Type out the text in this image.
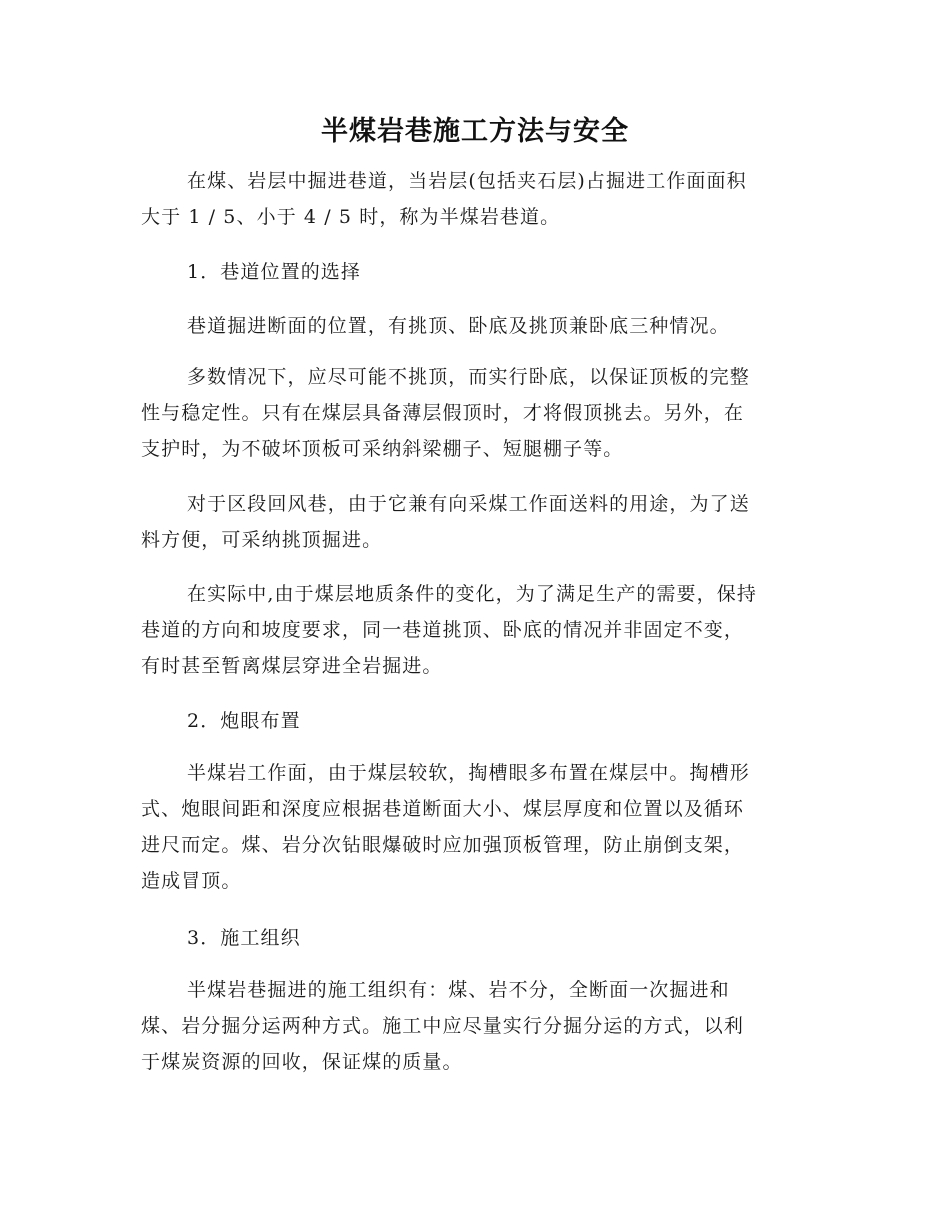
半煤岩巷施工方法与安全

在煤、岩层中掘进巷道，当岩层(包括夹石层)占掘进工作面面积
大于 1 / 5、小于 4 / 5 时，称为半煤岩巷道。

1．巷道位置的选择

巷道掘进断面的位置，有挑顶、卧底及挑顶兼卧底三种情况。

多数情况下，应尽可能不挑顶，而实行卧底，以保证顶板的完整
性与稳定性。只有在煤层具备薄层假顶时，才将假顶挑去。另外，在
支护时，为不破坏顶板可采纳斜梁棚子、短腿棚子等。

对于区段回风巷，由于它兼有向采煤工作面送料的用途，为了送
料方便，可采纳挑顶掘进。

在实际中,由于煤层地质条件的变化，为了满足生产的需要，保持
巷道的方向和坡度要求，同一巷道挑顶、卧底的情况并非固定不变，
有时甚至暂离煤层穿进全岩掘进。

2．炮眼布置

半煤岩工作面，由于煤层较软，掏槽眼多布置在煤层中。掏槽形
式、炮眼间距和深度应根据巷道断面大小、煤层厚度和位置以及循环
进尺而定。煤、岩分次钻眼爆破时应加强顶板管理，防止崩倒支架，
造成冒顶。

3．施工组织

半煤岩巷掘进的施工组织有：煤、岩不分，全断面一次掘进和
煤、岩分掘分运两种方式。施工中应尽量实行分掘分运的方式，以利
于煤炭资源的回收，保证煤的质量。
